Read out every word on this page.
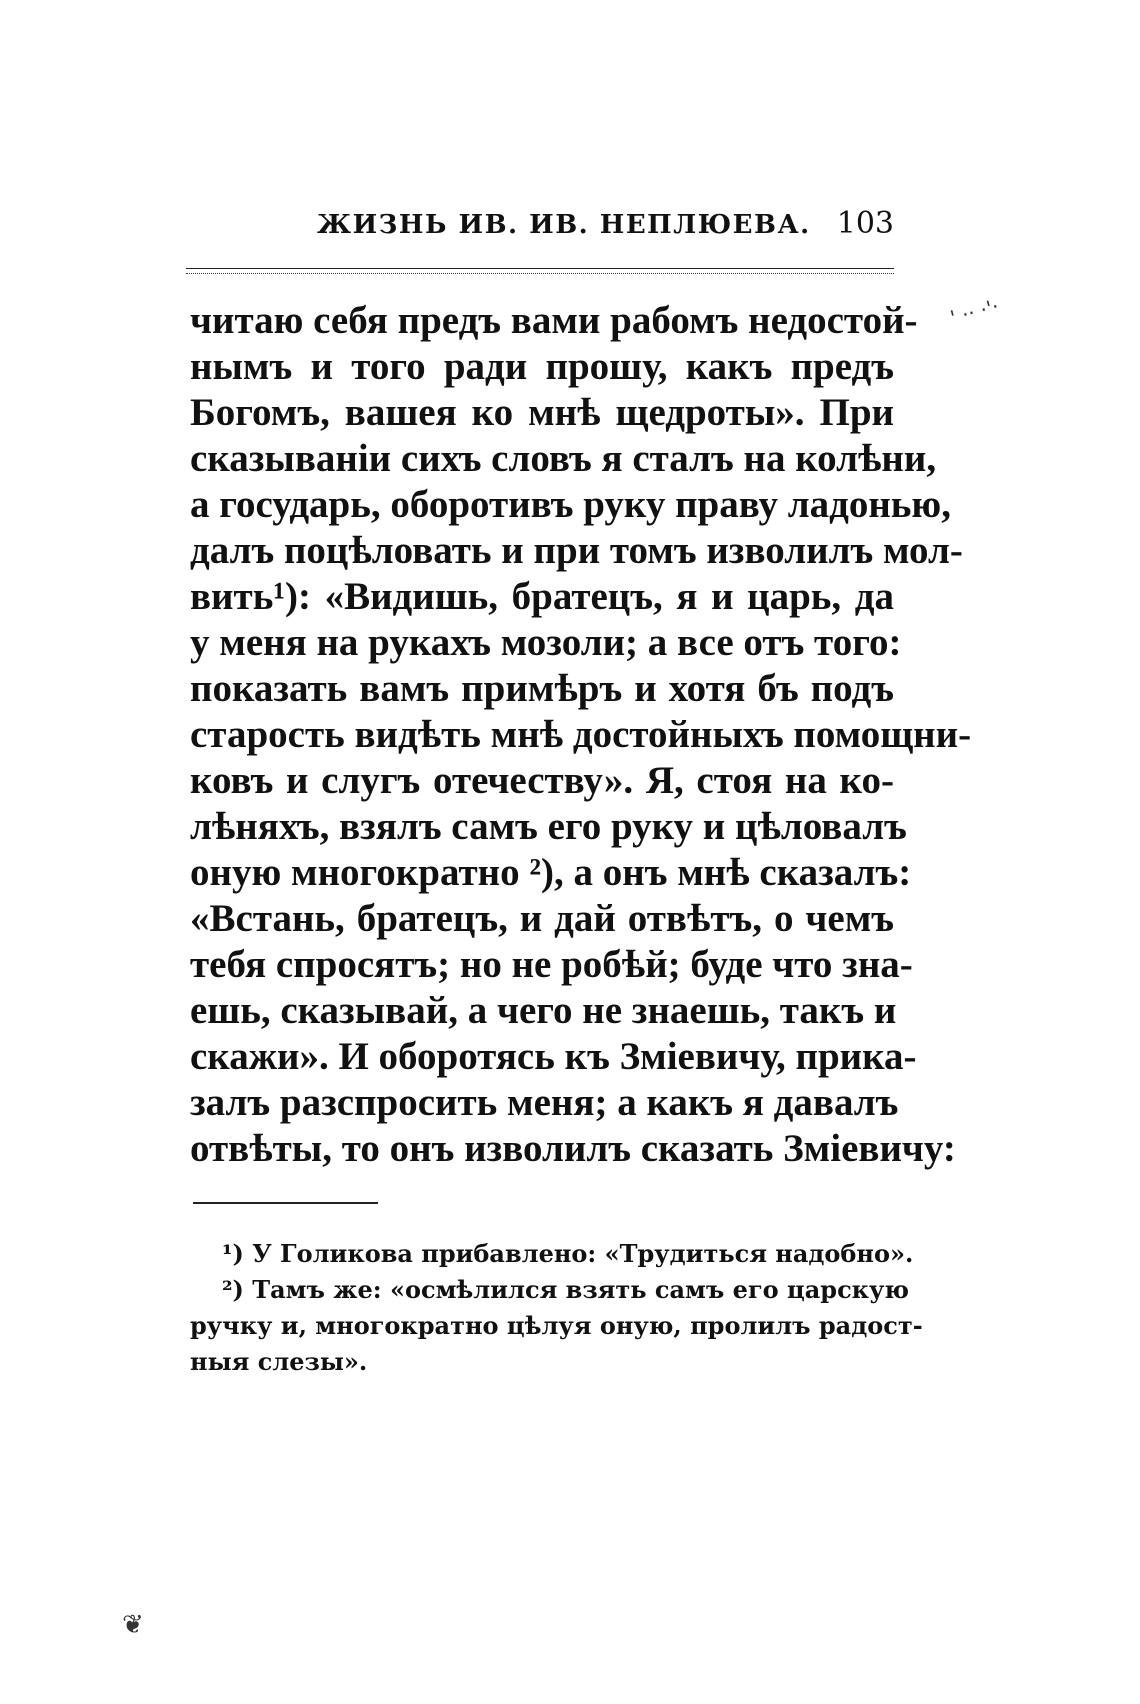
ЖИЗНЬ ИВ. ИВ. НЕПЛЮЕВА. 103
читаю себя предъ вами рабомъ недостой-
нымъ и того ради прошу, какъ предъ
Богомъ, вашея ко мнѣ щедроты». При
сказываніи сихъ словъ я сталъ на колѣни,
а государь, оборотивъ руку праву ладонью,
далъ поцѣловать и при томъ изволилъ мол-
вить¹): «Видишь, братецъ, я и царь, да
у меня на рукахъ мозоли; а все отъ того:
показать вамъ примѣръ и хотя бъ подъ
старость видѣть мнѣ достойныхъ помощни-
ковъ и слугъ отечеству». Я, стоя на ко-
лѣняхъ, взялъ самъ его руку и цѣловалъ
оную многократно ²), а онъ мнѣ сказалъ:
«Встань, братецъ, и дай отвѣтъ, о чемъ
тебя спросятъ; но не робѣй; буде что зна-
ешь, сказывай, а чего не знаешь, такъ и
скажи». И оборотясь къ Зміевичу, прика-
залъ разспросить меня; а какъ я давалъ
отвѣты, то онъ изволилъ сказать Зміевичу:
¹) У Голикова прибавлено: «Трудиться надобно».
²) Тамъ же: «осмѣлился взять самъ его царскую
ручку и, многократно цѣлуя оную, пролилъ радост-
ныя слезы».
' ·· ·'·
❦
